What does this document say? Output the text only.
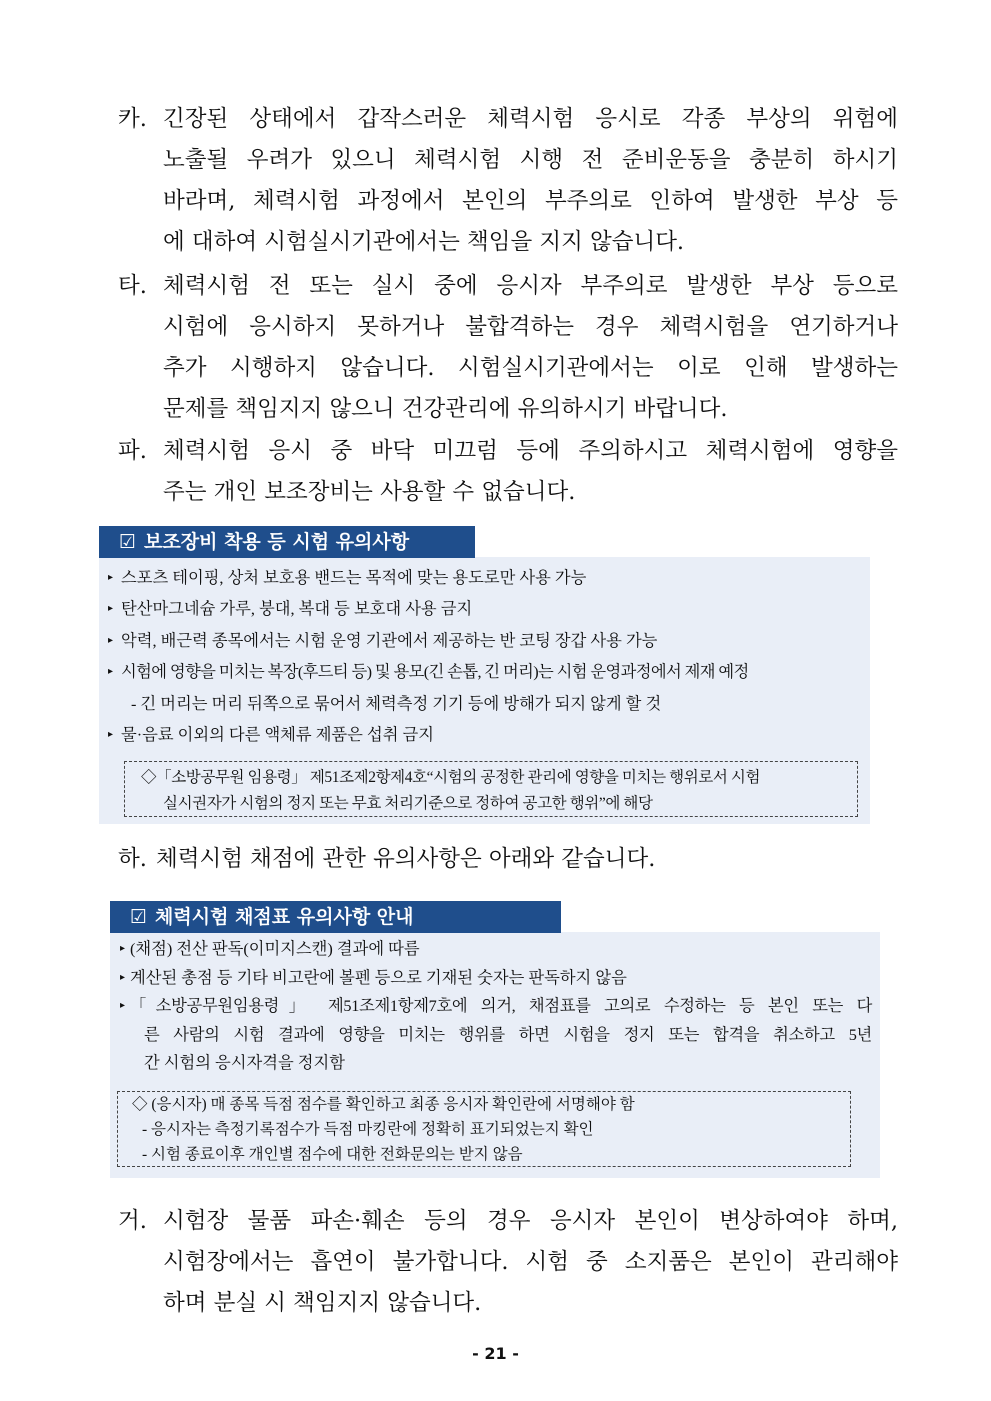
카. 긴장된 상태에서 갑작스러운 체력시험 응시로 각종 부상의 위험에
노출될 우려가 있으니 체력시험 시행 전 준비운동을 충분히 하시기
바라며, 체력시험 과정에서 본인의 부주의로 인하여 발생한 부상 등
에 대하여 시험실시기관에서는 책임을 지지 않습니다.
타. 체력시험 전 또는 실시 중에 응시자 부주의로 발생한 부상 등으로
시험에 응시하지 못하거나 불합격하는 경우 체력시험을 연기하거나
추가 시행하지 않습니다. 시험실시기관에서는 이로 인해 발생하는
문제를 책임지지 않으니 건강관리에 유의하시기 바랍니다.
파. 체력시험 응시 중 바닥 미끄럼 등에 주의하시고 체력시험에 영향을
주는 개인 보조장비는 사용할 수 없습니다.
▸ 스포츠 테이핑, 상처 보호용 밴드는 목적에 맞는 용도로만 사용 가능
▸ 탄산마그네슘 가루, 붕대, 복대 등 보호대 사용 금지
▸ 악력, 배근력 종목에서는 시험 운영 기관에서 제공하는 반 코팅 장갑 사용 가능
▸ 시험에 영향을 미치는 복장(후드티 등) 및 용모(긴 손톱, 긴 머리)는 시험 운영과정에서 제재 예정
- 긴 머리는 머리 뒤쪽으로 묶어서 체력측정 기기 등에 방해가 되지 않게 할 것
▸ 물·음료 이외의 다른 액체류 제품은 섭취 금지
☑ 보조장비 착용 등 시험 유의사항
◇「소방공무원 임용령」 제51조제2항제4호“시험의 공정한 관리에 영향을 미치는 행위로서 시험
실시권자가 시험의 정지 또는 무효 처리기준으로 정하여 공고한 행위”에 해당
하. 체력시험 채점에 관한 유의사항은 아래와 같습니다.
▸ (채점) 전산 판독(이미지스캔) 결과에 따름
▸ 계산된 총점 등 기타 비고란에 볼펜 등으로 기재된 숫자는 판독하지 않음
▸ 「소방공무원임용령」 제51조제1항제7호에 의거, 채점표를 고의로 수정하는 등 본인 또는 다
른 사람의 시험 결과에 영향을 미치는 행위를 하면 시험을 정지 또는 합격을 취소하고 5년
간 시험의 응시자격을 정지함
☑ 체력시험 채점표 유의사항 안내
◇ (응시자) 매 종목 득점 점수를 확인하고 최종 응시자 확인란에 서명해야 함
- 응시자는 측정기록점수가 득점 마킹란에 정확히 표기되었는지 확인
- 시험 종료이후 개인별 점수에 대한 전화문의는 받지 않음
거. 시험장 물품 파손·훼손 등의 경우 응시자 본인이 변상하여야 하며,
시험장에서는 흡연이 불가합니다. 시험 중 소지품은 본인이 관리해야
하며 분실 시 책임지지 않습니다.
- 21 -
